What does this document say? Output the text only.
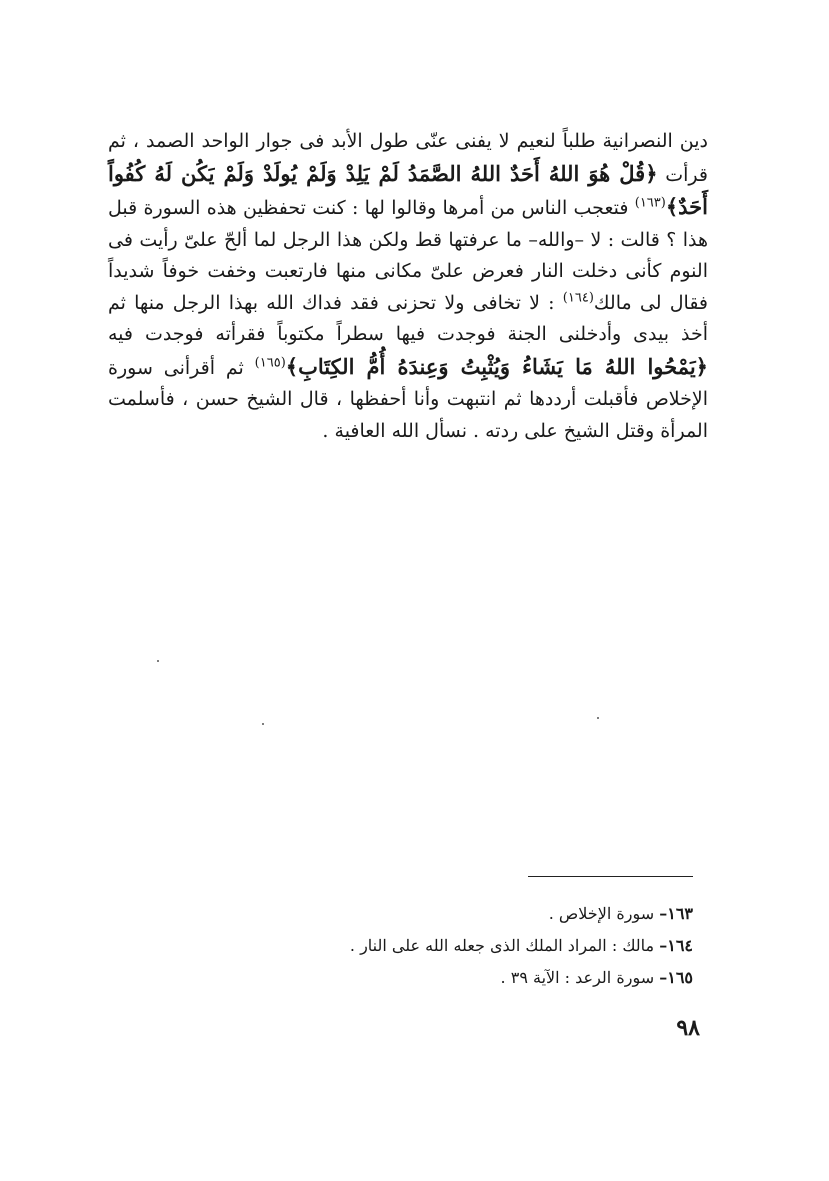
دين النصرانية طلباً لنعيم لا يفنى عنّى طول الأبد فى جوار الواحد الصمد ، ثم قرأت ﴿قُلْ هُوَ اللهُ أَحَدٌ اللهُ الصَّمَدُ لَمْ يَلِدْ وَلَمْ يُولَدْ وَلَمْ يَكُن لَهُ كُفُواً أَحَدٌ﴾$^{(١٦٣)}$ فتعجب الناس من أمرها وقالوا لها : كنت تحفظين هذه السورة قبل هذا ؟ قالت : لا –والله– ما عرفتها قط ولكن هذا الرجل لما ألحّ علىّ رأيت فى النوم كأنى دخلت النار فعرض علىّ مكانى منها فارتعبت وخفت خوفاً شديداً فقال لى مالك$^{(١٦٤)}$ : لا تخافى ولا تحزنى فقد فداك الله بهذا الرجل منها ثم أخذ بيدى وأدخلنى الجنة فوجدت فيها سطراً مكتوباً فقرأته فوجدت فيه ﴿يَمْحُوا اللهُ مَا يَشَاءُ وَيُثْبِتُ وَعِندَهُ أُمُّ الكِتَابِ﴾$^{(١٦٥)}$ ثم أقرأنى سورة الإخلاص فأقبلت أرددها ثم انتبهت وأنا أحفظها ، قال الشيخ حسن ، فأسلمت المرأة وقتل الشيخ على ردته . نسأل الله العافية .
١٦٣– سورة الإخلاص .
١٦٤– مالك : المراد الملك الذى جعله الله على النار .
١٦٥– سورة الرعد : الآية ٣٩ .
٩٨
